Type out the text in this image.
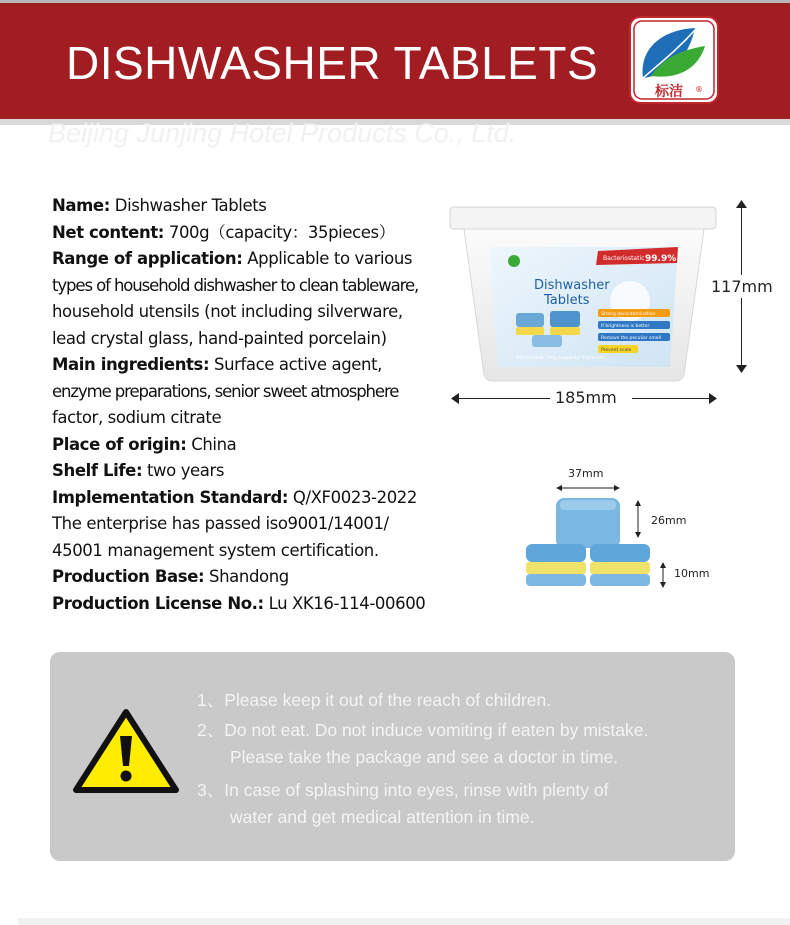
DISHWASHER TABLETS
标洁 ®
Beijing Junjing Hotel Products Co., Ltd.
Name: Dishwasher Tablets
Net content: 700g（capacity：35pieces）
Range of application: Applicable to various
types of household dishwasher to clean tableware,
household utensils (not including silverware,
lead crystal glass, hand-painted porcelain)
Main ingredients: Surface active agent,
enzyme preparations, senior sweet atmosphere
factor, sodium citrate
Place of origin: China
Shelf Life: two years
Implementation Standard: Q/XF0023-2022
The enterprise has passed iso9001/14001/
45001 management system certification.
Production Base: Shandong
Production License No.: Lu XK16-114-00600
Bacteriostatic 99.9%
Dishwasher
Tablets
Strong decontamination
If brightness is better
Remove the peculiar smell
Prevent scale
Net content: 700g (capacity: 35pieces)
117mm
185mm
37mm
26mm
10mm
1、Please keep it out of the reach of children.
2、Do not eat. Do not induce vomiting if eaten by mistake.
Please take the package and see a doctor in time.
3、In case of splashing into eyes, rinse with plenty of
water and get medical attention in time.
